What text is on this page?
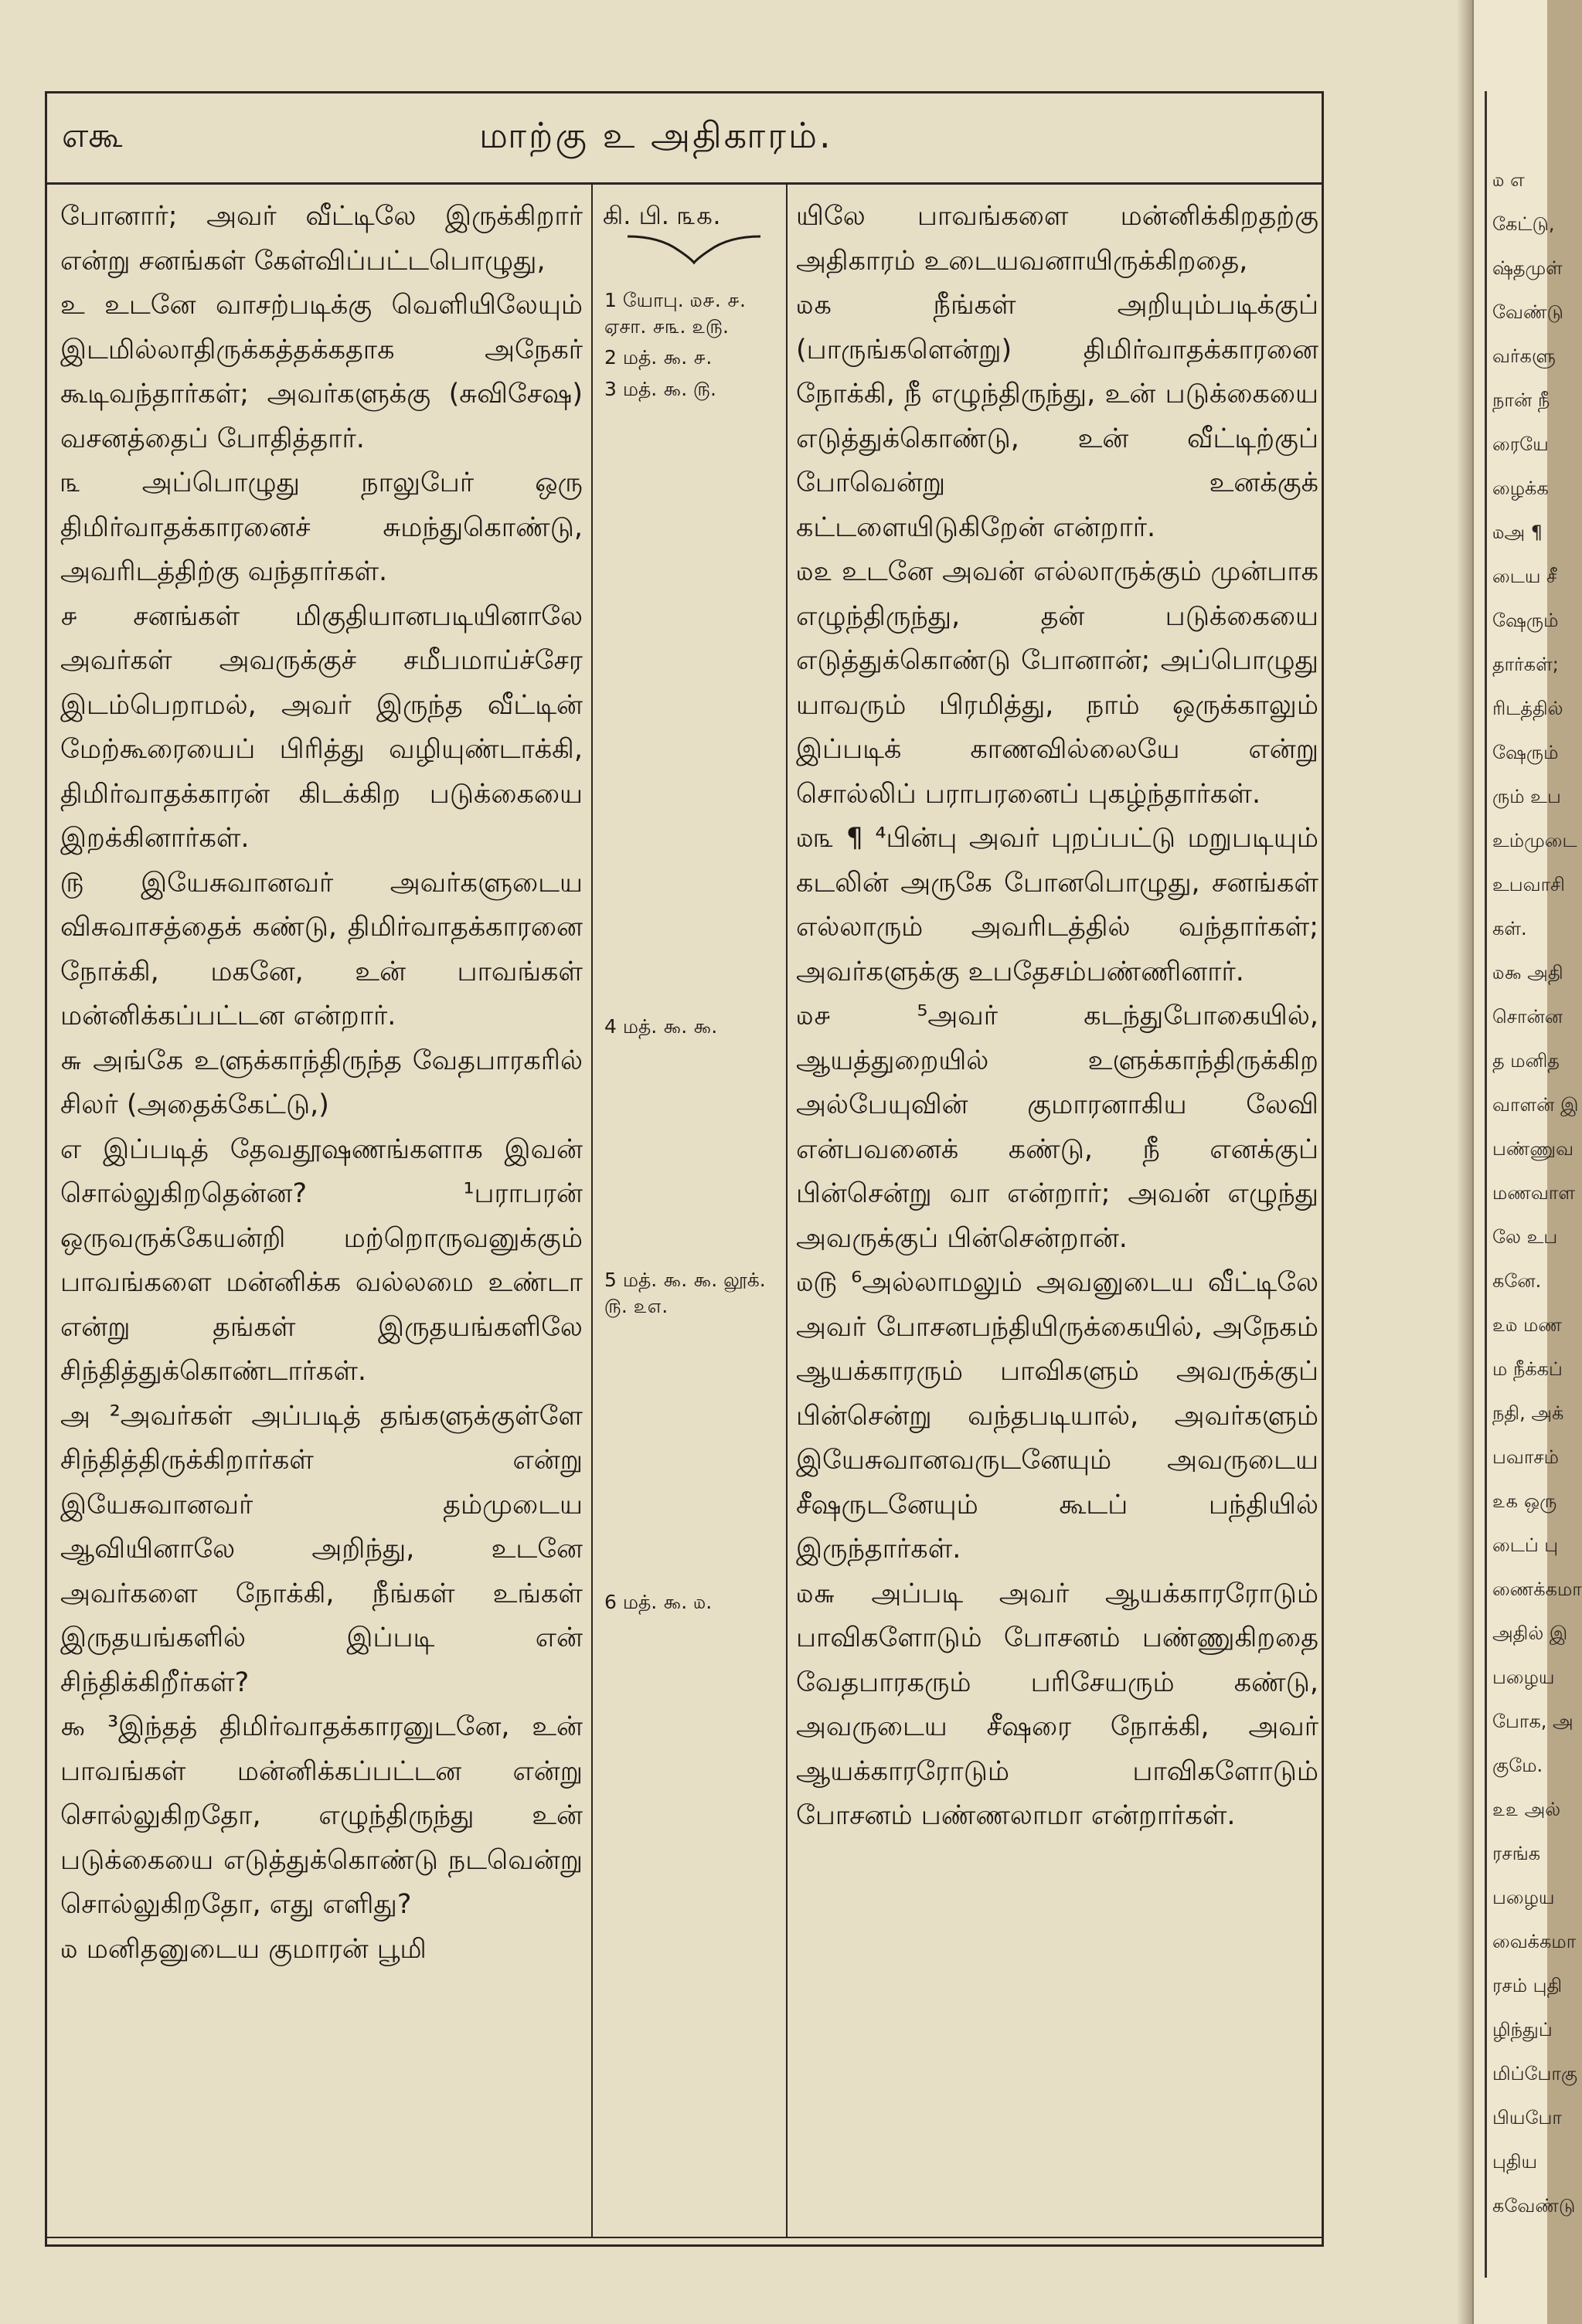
எகூ	மாற்கு உ அதிகாரம்.

போனார்; அவர் வீட்டிலே இருக்கிறார் என்று சனங்கள் கேள்விப்பட்டபொழுது,

உ உடனே வாசற்படிக்கு வெளியிலேயும் இடமில்லாதிருக்கத்தக்கதாக அநேகர் கூடிவந்தார்கள்; அவர்களுக்கு (சுவிசேஷ) வசனத்தைப் போதித்தார்.

௩ அப்பொழுது நாலுபேர் ஒரு திமிர்வாதக்காரனைச் சுமந்துகொண்டு, அவரிடத்திற்கு வந்தார்கள்.

௪ சனங்கள் மிகுதியானபடியினாலே அவர்கள் அவருக்குச் சமீபமாய்ச்சேர இடம்பெறாமல், அவர் இருந்த வீட்டின் மேற்கூரையைப் பிரித்து வழியுண்டாக்கி, திமிர்வாதக்காரன் கிடக்கிற படுக்கையை இறக்கினார்கள்.

௫ இயேசுவானவர் அவர்களுடைய விசுவாசத்தைக் கண்டு, திமிர்வாதக்காரனை நோக்கி, மகனே, உன் பாவங்கள் மன்னிக்கப்பட்டன என்றார்.

௬ அங்கே உளுக்காந்திருந்த வேதபாரகரில் சிலர் (அதைக்கேட்டு,)

எ இப்படித் தேவதூஷணங்களாக இவன் சொல்லுகிறதென்ன? ¹பராபரன் ஒருவருக்கேயன்றி மற்றொருவனுக்கும் பாவங்களை மன்னிக்க வல்லமை உண்டா என்று தங்கள் இருதயங்களிலே சிந்தித்துக்கொண்டார்கள்.

அ ²அவர்கள் அப்படித் தங்களுக்குள்ளே சிந்தித்திருக்கிறார்கள் என்று இயேசுவானவர் தம்முடைய ஆவியினாலே அறிந்து, உடனே அவர்களை நோக்கி, நீங்கள் உங்கள் இருதயங்களில் இப்படி என் சிந்திக்கிறீர்கள்?

௯ ³இந்தத் திமிர்வாதக்காரனுடனே, உன் பாவங்கள் மன்னிக்கப்பட்டன என்று சொல்லுகிறதோ, எழுந்திருந்து உன் படுக்கையை எடுத்துக்கொண்டு நடவென்று சொல்லுகிறதோ, எது எளிது?

௰ மனிதனுடைய குமாரன் பூமி

கி. பி. ௩௧.
1 யோபு. ௰௪. ௪. ஏசா. ௪௩. ௨௫.
2 மத். ௯. ௪.
3 மத். ௯. ௫.
4 மத். ௯. ௯.
5 மத். ௯. ௯. லூக். ௫. ௨௭.
6 மத். ௯. ௰.

யிலே பாவங்களை மன்னிக்கிறதற்கு அதிகாரம் உடையவனாயிருக்கிறதை,

௰௧ நீங்கள் அறியும்படிக்குப் (பாருங்களென்று) திமிர்வாதக்காரனை நோக்கி, நீ எழுந்திருந்து, உன் படுக்கையை எடுத்துக்கொண்டு, உன் வீட்டிற்குப் போவென்று உனக்குக் கட்டளையிடுகிறேன் என்றார்.

௰௨ உடனே அவன் எல்லாருக்கும் முன்பாக எழுந்திருந்து, தன் படுக்கையை எடுத்துக்கொண்டு போனான்; அப்பொழுது யாவரும் பிரமித்து, நாம் ஒருக்காலும் இப்படிக் காணவில்லையே என்று சொல்லிப் பராபரனைப் புகழ்ந்தார்கள்.

௰௩ ¶ ⁴பின்பு அவர் புறப்பட்டு மறுபடியும் கடலின் அருகே போனபொழுது, சனங்கள் எல்லாரும் அவரிடத்தில் வந்தார்கள்; அவர்களுக்கு உபதேசம்பண்ணினார்.

௰௪ ⁵அவர் கடந்துபோகையில், ஆயத்துறையில் உளுக்காந்திருக்கிற அல்பேயுவின் குமாரனாகிய லேவி என்பவனைக் கண்டு, நீ எனக்குப் பின்சென்று வா என்றார்; அவன் எழுந்து அவருக்குப் பின்சென்றான்.

௰௫ ⁶அல்லாமலும் அவனுடைய வீட்டிலே அவர் போசனபந்தியிருக்கையில், அநேகம் ஆயக்காரரும் பாவிகளும் அவருக்குப் பின்சென்று வந்தபடியால், அவர்களும் இயேசுவானவருடனேயும் அவருடைய சீஷருடனேயும் கூடப் பந்தியில் இருந்தார்கள்.

௰௬ அப்படி அவர் ஆயக்காரரோடும் பாவிகளோடும் போசனம் பண்ணுகிறதை வேதபாரகரும் பரிசேயரும் கண்டு, அவருடைய சீஷரை நோக்கி, அவர் ஆயக்காரரோடும் பாவிகளோடும் போசனம் பண்ணலாமா என்றார்கள்.

௰ எ
கேட்டு,
ஷ்தமுள்
வேண்டு
வர்களு
நான் நீ
ரையே
ழைக்க
௰அ ¶
டைய சீ
ஷேரும்
தார்கள்;
ரிடத்தில்
ஷேரும்
ரும் உப
உம்முடை
உபவாசி
கள்.
௰௯ அதி
சொன்ன
த மனித
வாளன் இ
பண்ணுவ
மணவாள
லே உப
கனே.
௨௰ மண
ம நீக்கப்
நதி, அக்
பவாசம்
௨௧ ஒரு
டைப் பு
ணைக்கமா
அதில் இ
பழைய
போக, அ
குமே.
௨௨ அல்
ரசங்க
பழைய
வைக்கமா
ரசம் புதி
ழிந்துப்
மிப்போகு
பியபோ
புதிய
கவேண்டு
